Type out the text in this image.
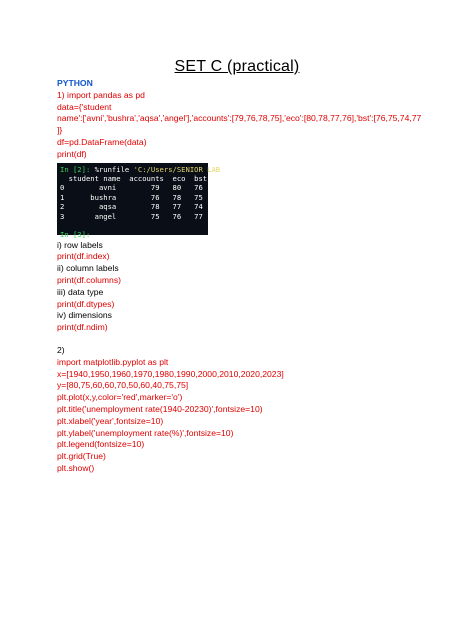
SET C (practical)
PYTHON
1) import pandas as pd
data={'student
name':['avni','bushra','aqsa','angel'],'accounts':[79,76,78,75],'eco':[80,78,77,76],'bst':[76,75,74,77
]}
df=pd.DataFrame(data)
print(df)
In [2]: %runfile 'C:/Users/SENIOR LAB
student name  accounts  eco  bst
0        avni        79   80   76
1      bushra        76   78   75
2        aqsa        78   77   74
3       angel        75   76   77

In [3]:
i) row labels
print(df.index)
ii) column labels
print(df.columns)
iii) data type
print(df.dtypes)
iv) dimensions
print(df.ndim)
2)
import matplotlib.pyplot as plt
x=[1940,1950,1960,1970,1980,1990,2000,2010,2020,2023]
y=[80,75,60,60,70,50,60,40,75,75]
plt.plot(x,y,color='red',marker='o')
plt.title('unemployment rate(1940-20230)',fontsize=10)
plt.xlabel('year',fontsize=10)
plt.ylabel('unemployment rate(%)',fontsize=10)
plt.legend(fontsize=10)
plt.grid(True)
plt.show()
